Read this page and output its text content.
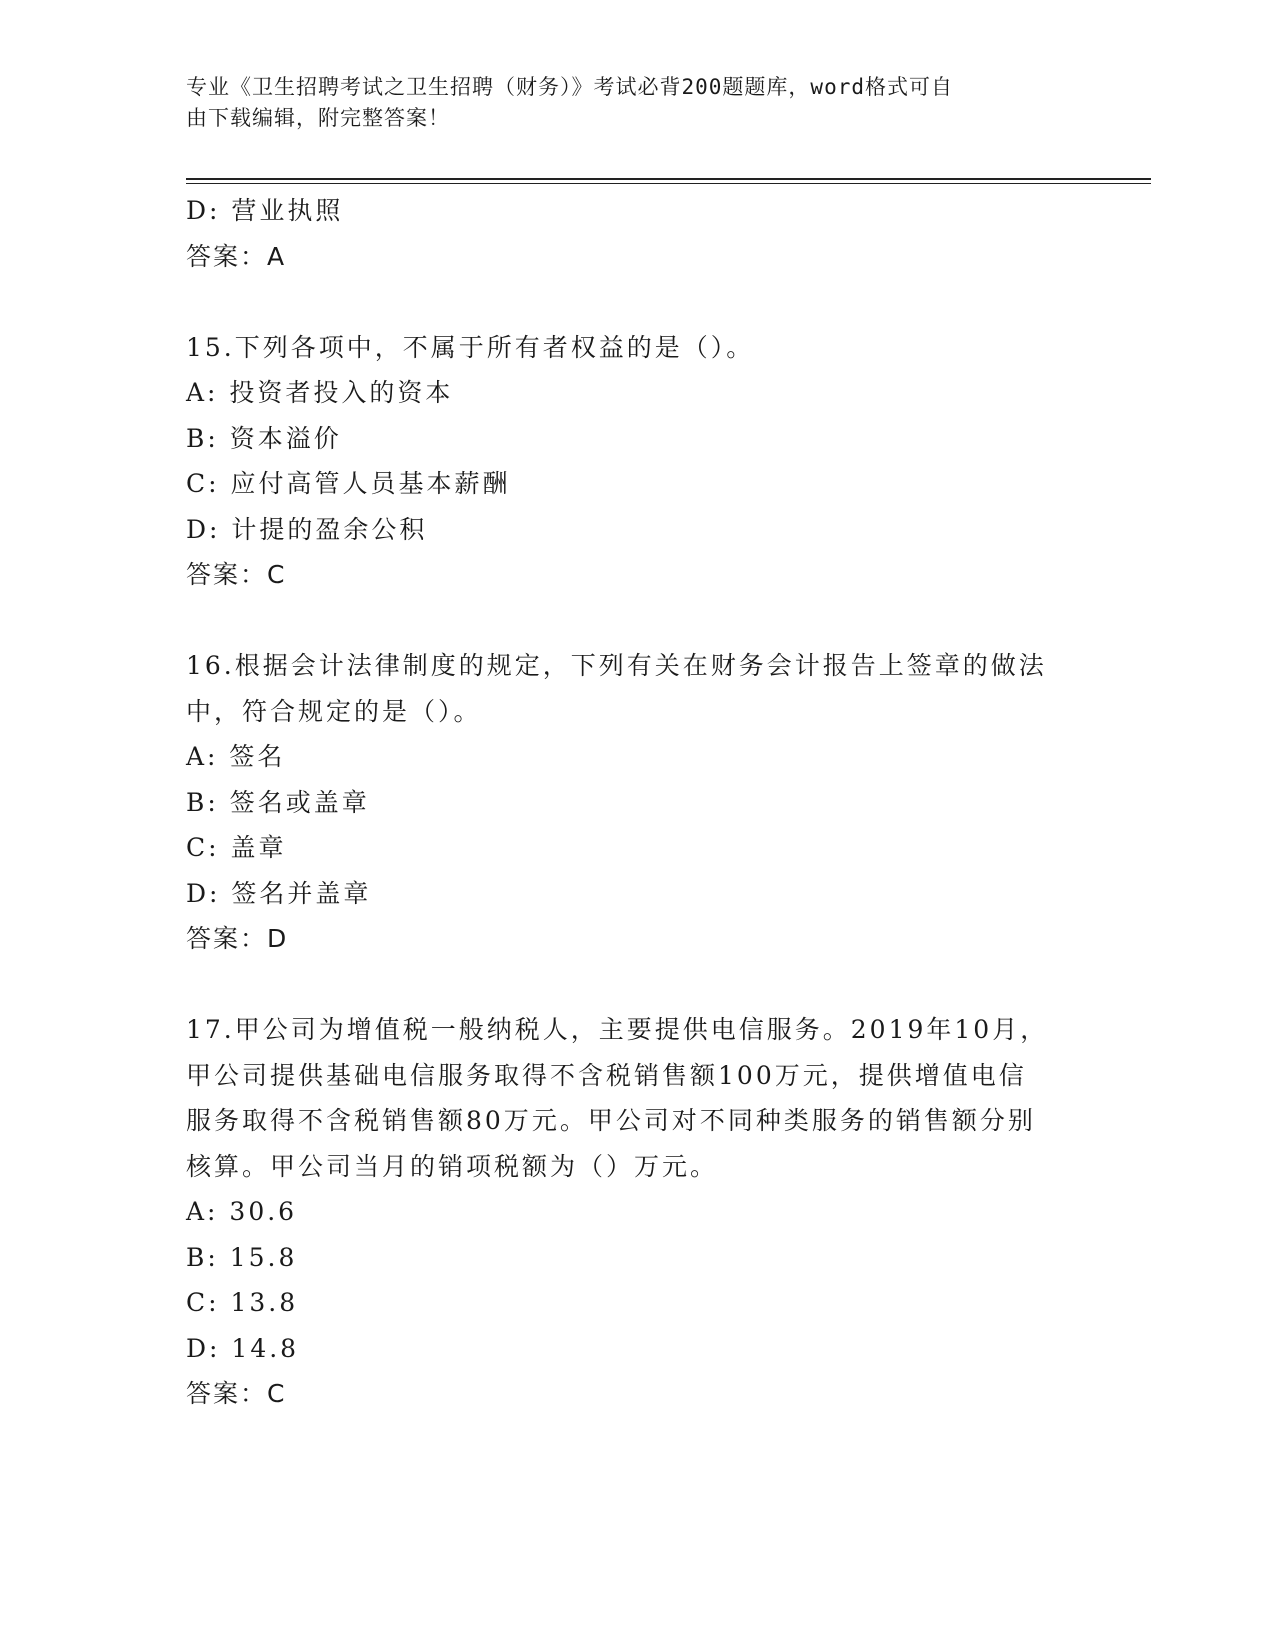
专业《卫生招聘考试之卫生招聘（财务）》考试必背200题题库，word格式可自
由下载编辑，附完整答案！
D: 营业执照
答案：A
15.下列各项中，不属于所有者权益的是（）。
A: 投资者投入的资本
B: 资本溢价
C: 应付高管人员基本薪酬
D: 计提的盈余公积
答案：C
16.根据会计法律制度的规定，下列有关在财务会计报告上签章的做法
中，符合规定的是（）。
A: 签名
B: 签名或盖章
C: 盖章
D: 签名并盖章
答案：D
17.甲公司为增值税一般纳税人，主要提供电信服务。2019年10月，
甲公司提供基础电信服务取得不含税销售额100万元，提供增值电信
服务取得不含税销售额80万元。甲公司对不同种类服务的销售额分别
核算。甲公司当月的销项税额为（）万元。
A: 30.6
B: 15.8
C: 13.8
D: 14.8
答案：C
